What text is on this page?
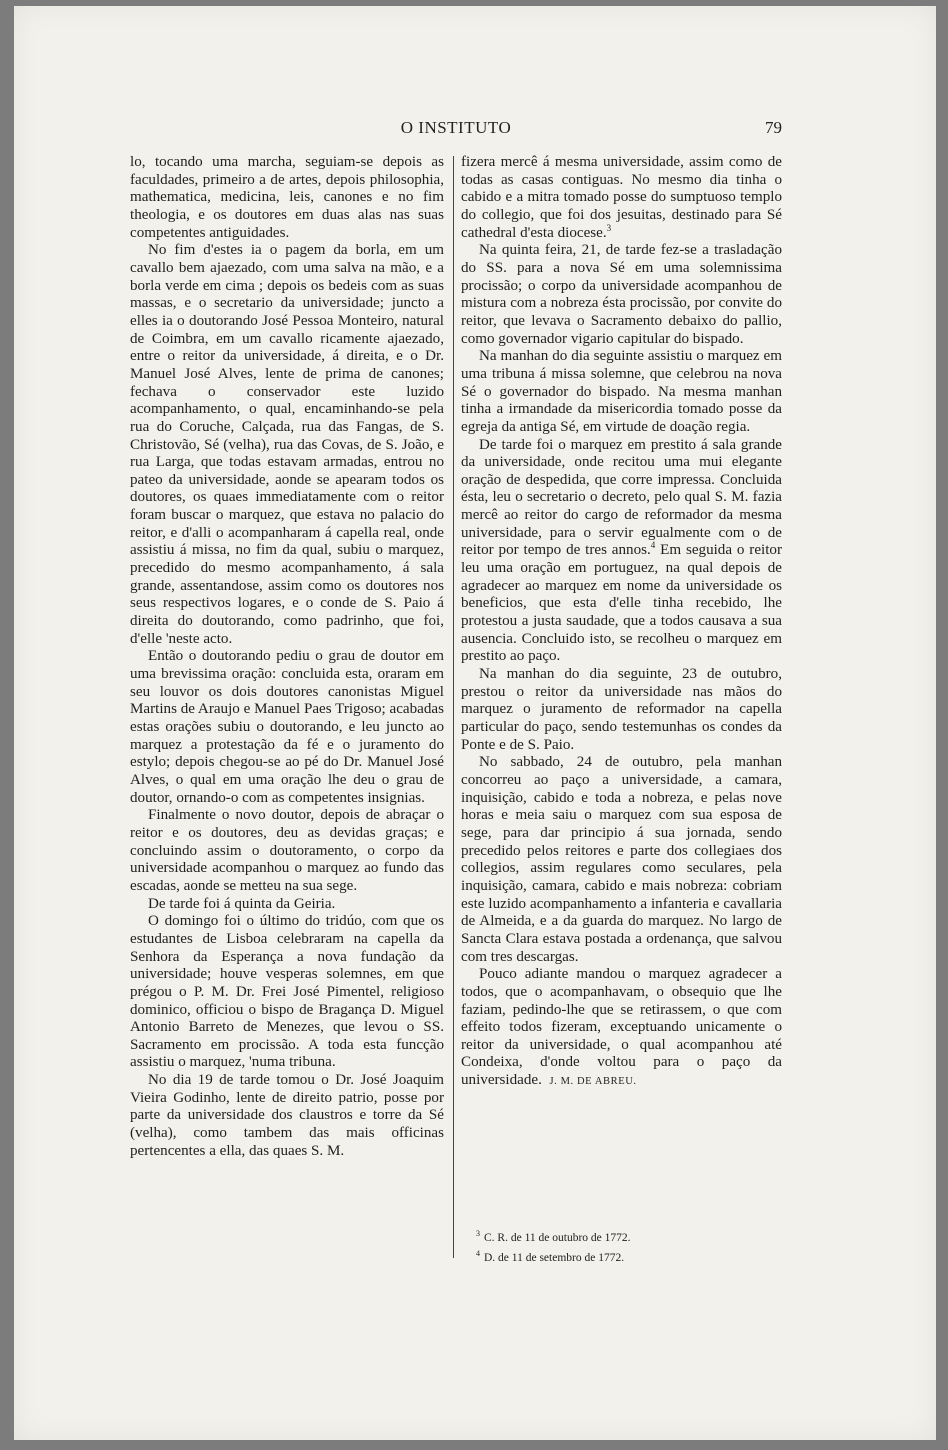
O INSTITUTO	79

lo, tocando uma marcha, seguiam-se depois as faculdades, primeiro a de artes, depois philosophia, mathematica, medicina, leis, canones e no fim theologia, e os doutores em duas alas nas suas competentes antiguidades.

No fim d'estes ia o pagem da borla, em um cavallo bem ajaezado, com uma salva na mão, e a borla verde em cima ; depois os bedeis com as suas massas, e o secretario da universidade; juncto a elles ia o doutorando José Pessoa Monteiro, natural de Coimbra, em um cavallo ricamente ajaezado, entre o reitor da universidade, á direita, e o Dr. Manuel José Alves, lente de prima de canones; fechava o conservador este luzido acompanhamento, o qual, encaminhando-se pela rua do Coruche, Calçada, rua das Fangas, de S. Christovão, Sé (velha), rua das Covas, de S. João, e rua Larga, que todas estavam armadas, entrou no pateo da universidade, aonde se apearam todos os doutores, os quaes immediatamente com o reitor foram buscar o marquez, que estava no palacio do reitor, e d'alli o acompanharam á capella real, onde assistiu á missa, no fim da qual, subiu o marquez, precedido do mesmo acompanhamento, á sala grande, assentandose, assim como os doutores nos seus respectivos logares, e o conde de S. Paio á direita do doutorando, como padrinho, que foi, d'elle 'neste acto.

Então o doutorando pediu o grau de doutor em uma brevissima oração: concluida esta, oraram em seu louvor os dois doutores canonistas Miguel Martins de Araujo e Manuel Paes Trigoso; acabadas estas orações subiu o doutorando, e leu juncto ao marquez a protestação da fé e o juramento do estylo; depois chegou-se ao pé do Dr. Manuel José Alves, o qual em uma oração lhe deu o grau de doutor, ornando-o com as competentes insignias.

Finalmente o novo doutor, depois de abraçar o reitor e os doutores, deu as devidas graças; e concluindo assim o doutoramento, o corpo da universidade acompanhou o marquez ao fundo das escadas, aonde se metteu na sua sege.

De tarde foi á quinta da Geiria.

O domingo foi o último do tridúo, com que os estudantes de Lisboa celebraram na capella da Senhora da Esperança a nova fundação da universidade; houve vesperas solemnes, em que prégou o P. M. Dr. Frei José Pimentel, religioso dominico, officiou o bispo de Bragança D. Miguel Antonio Barreto de Menezes, que levou o SS. Sacramento em procissão. A toda esta funcção assistiu o marquez, 'numa tribuna.

No dia 19 de tarde tomou o Dr. José Joaquim Vieira Godinho, lente de direito patrio, posse por parte da universidade dos claustros e torre da Sé (velha), como tambem das mais officinas pertencentes a ella, das quaes S. M.

fizera mercê á mesma universidade, assim como de todas as casas contiguas. No mesmo dia tinha o cabido e a mitra tomado posse do sumptuoso templo do collegio, que foi dos jesuitas, destinado para Sé cathedral d'esta diocese.$^3$

Na quinta feira, 21, de tarde fez-se a trasladação do SS. para a nova Sé em uma solemnissima procissão; o corpo da universidade acompanhou de mistura com a nobreza ésta procissão, por convite do reitor, que levava o Sacramento debaixo do pallio, como governador vigario capitular do bispado.

Na manhan do dia seguinte assistiu o marquez em uma tribuna á missa solemne, que celebrou na nova Sé o governador do bispado. Na mesma manhan tinha a irmandade da misericordia tomado posse da egreja da antiga Sé, em virtude de doação regia.

De tarde foi o marquez em prestito á sala grande da universidade, onde recitou uma mui elegante oração de despedida, que corre impressa. Concluida ésta, leu o secretario o decreto, pelo qual S. M. fazia mercê ao reitor do cargo de reformador da mesma universidade, para o servir egualmente com o de reitor por tempo de tres annos.$^4$ Em seguida o reitor leu uma oração em portuguez, na qual depois de agradecer ao marquez em nome da universidade os beneficios, que esta d'elle tinha recebido, lhe protestou a justa saudade, que a todos causava a sua ausencia. Concluido isto, se recolheu o marquez em prestito ao paço.

Na manhan do dia seguinte, 23 de outubro, prestou o reitor da universidade nas mãos do marquez o juramento de reformador na capella particular do paço, sendo testemunhas os condes da Ponte e de S. Paio.

No sabbado, 24 de outubro, pela manhan concorreu ao paço a universidade, a camara, inquisição, cabido e toda a nobreza, e pelas nove horas e meia saiu o marquez com sua esposa de sege, para dar principio á sua jornada, sendo precedido pelos reitores e parte dos collegiaes dos collegios, assim regulares como seculares, pela inquisição, camara, cabido e mais nobreza: cobriam este luzido acompanhamento a infanteria e cavallaria de Almeida, e a da guarda do marquez. No largo de Sancta Clara estava postada a ordenança, que salvou com tres descargas.

Pouco adiante mandou o marquez agradecer a todos, que o acompanhavam, o obsequio que lhe faziam, pedindo-lhe que se retirassem, o que com effeito todos fizeram, exceptuando unicamente o reitor da universidade, o qual acompanhou até Condeixa, d'onde voltou para o paço da universidade. J. M. DE ABREU.

$^3$ C. R. de 11 de outubro de 1772.
$^4$ D. de 11 de setembro de 1772.
